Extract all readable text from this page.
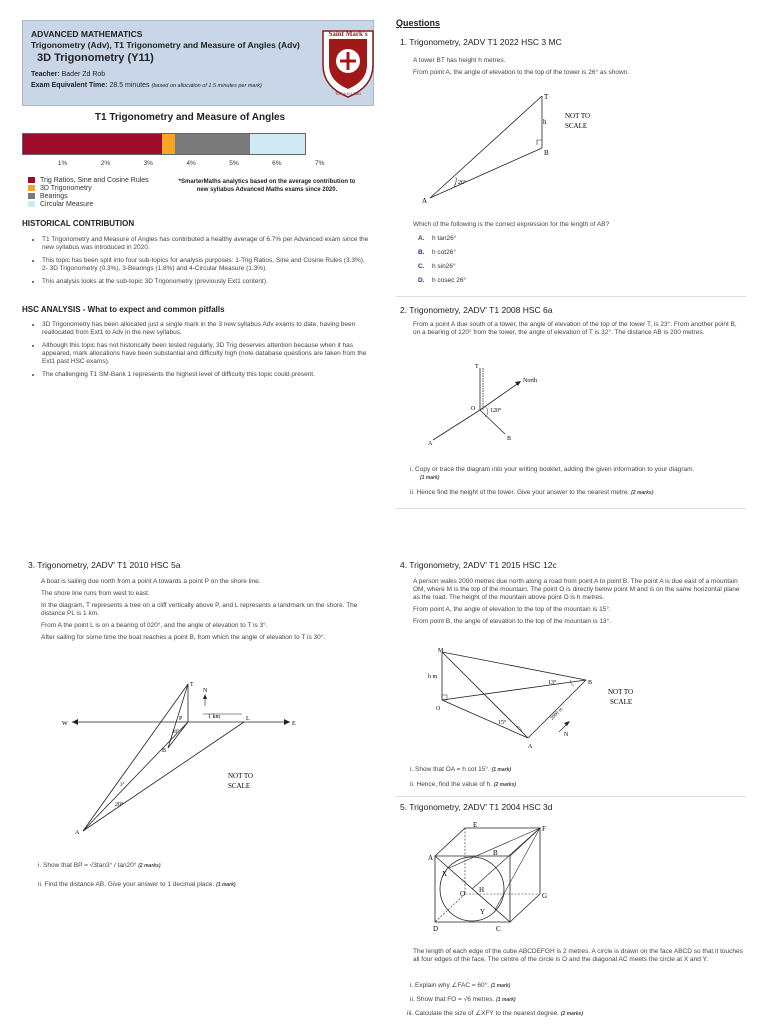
ADVANCED MATHEMATICS
Trigonometry (Adv), T1 Trigonometry and Measure of Angles (Adv)
3D Trigonometry (Y11)
Teacher: Bader Zd Rob
Exam Equivalent Time: 28.5 minutes (based on allocation of 1.5 minutes per mark)
Saint Mark's
Tu Vas le Christ
T1 Trigonometry and Measure of Angles
1%	2%	3%	4%	5%	6%	7%
Trig Ratios, Sine and Cosine Rules
3D Trigonometry
Bearings
Circular Measure
*SmarterMaths analytics based on the average contribution to new syllabus Advanced Maths exams since 2020.
HISTORICAL CONTRIBUTION
• T1 Trigonometry and Measure of Angles has contributed a healthy average of 6.7% per Advanced exam since the new syllabus was introduced in 2020.
• This topic has been split into four sub-topics for analysis purposes: 1-Trig Ratios, Sine and Cosine Rules (3.3%), 2- 3D Trigonometry (0.3%), 3-Bearings (1.8%) and 4-Circular Measure (1.3%).
• This analysis looks at the sub-topic 3D Trigonometry (previously Ext1 content).
HSC ANALYSIS - What to expect and common pitfalls
• 3D Trigonometry has been allocated just a single mark in the 3 new syllabus Adv exams to date, having been reallocated from Ext1 to Adv in the new syllabus.
• Although this topic has not historically been tested regularly, 3D Trig deserves attention because when it has appeared, mark allocations have been substantial and difficulty high (note database questions are taken from the Ext1 past HSC exams).
• The challenging T1 SM-Bank 1 represents the highest level of difficulty this topic could present.
Questions
1. Trigonometry, 2ADV T1 2022 HSC 3 MC
A tower BT has height h metres.
From point A, the angle of elevation to the top of the tower is 26° as shown.
T
B
A
h
26°
NOT TO
SCALE
Which of the following is the correct expression for the length of AB?
A. h tan26°
B. h cot26°
C. h sin26°
D. h cosec 26°
2. Trigonometry, 2ADV' T1 2008 HSC 6a
From a point A due south of a tower, the angle of elevation of the top of the tower T, is 23°. From another point B, on a bearing of 120° from the tower, the angle of elevation of T is 32°. The distance AB is 200 metres.
T
North
O 120°
A
B
i. Copy or trace the diagram into your writing booklet, adding the given information to your diagram.
(1 mark)
ii. Hence find the height of the tower. Give your answer to the nearest metre. (2 marks)
3. Trigonometry, 2ADV' T1 2010 HSC 5a
A boat is sailing due north from a point A towards a point P on the shore line.
The shore line runs from west to east.
In the diagram, T represents a tree on a cliff vertically above P, and L represents a landmark on the shore. The distance PL is 1 km.
From A the point L is on a bearing of 020°, and the angle of elevation to T is 3°.
After sailing for some time the boat reaches a point B, from which the angle of elevation to T is 30°.
W	E
N
T
P	L
1 km
B
A
30°
20°
3°
NOT TO
SCALE
i. Show that BP = √3tan3° / tan20° (2 marks)
ii. Find the distance AB. Give your answer to 1 decimal place. (1 mark)
4. Trigonometry, 2ADV' T1 2015 HSC 12c
A person walks 2000 metres due north along a road from point A to point B. The point A is due east of a mountain OM, where M is the top of the mountain. The point O is directly below point M and is on the same horizontal plane as the road. The height of the mountain above point O is h metres.
From point A, the angle of elevation to the top of the mountain is 15°.
From point B, the angle of elevation to the top of the mountain is 13°.
M
O
A
B
h m
13°
15°
2000 m
N
NOT TO
SCALE
i. Show that OA = h cot 15°. (1 mark)
ii. Hence, find the value of h. (2 marks)
5. Trigonometry, 2ADV' T1 2004 HSC 3d
E	F
A
B
X
O H
Y
G
D	C
The length of each edge of the cube ABCDEFGH is 2 metres. A circle is drawn on the face ABCD so that it touches all four edges of the face. The centre of the circle is O and the diagonal AC meets the circle at X and Y.
i. Explain why ∠FAC = 60°. (1 mark)
ii. Show that FO = √6 metres. (1 mark)
iii. Calculate the size of ∠XFY to the nearest degree. (2 marks)
